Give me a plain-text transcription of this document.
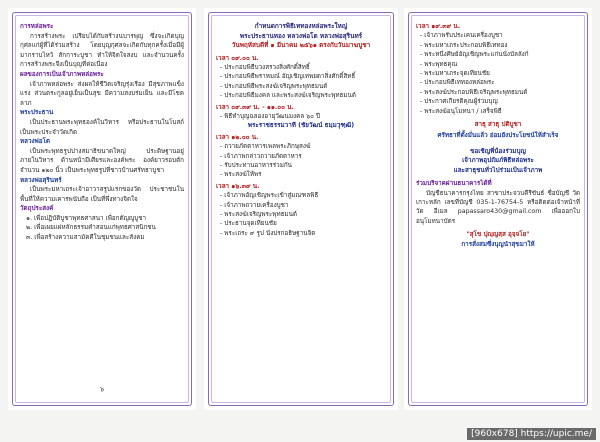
การหล่อพระ

การสร้างพระ เปรียบได้กับสร้างนบารพุญ ซึ่งจะเกิดบุญกุศลแก่ผู้ที่ได้ร่วมสร้าง โดยบุญกุศลจะเกิดกับทุกครั้งเมื่อมีผู้มากราบไหว้ สักการะบูชา ทำให้จิตใจสงบ และจำนวนครั้ง การสร้างพระจึงเป็นบุญที่ต่อเนื่อง

ผลของการเป็นเจ้าภาพหล่อพระ

เจ้าภาพหล่อพระ ส่งผลให้ชีวิตเจริญรุ่งเรือง มีสุขภาพแข็งแรง ส่วนตระกูลอยู่เย็นเป็นสุข มีความสงบร่มเย็น และมีโชคลาภ

พระประธาน

เป็นประธานพระพุทธองค์ในวิหาร หรือประธานในโบสถ์ เป็นพระประจำวัดเกิด

หลวงพ่อโต

เป็นพระพุทธรูปปางสมาธิขนาดใหญ่ ประดิษฐานอยู่ภายในวิหาร ด้านหน้ามีเศียรและองค์พระ องค์ยาวรอบตัก จำนวน ๑๒๐ นิ้ว เป็นพระพุทธรูปที่ชาวบ้านศรัทธาบูชา

หลวงพ่อสุรินทร์

เป็นพระมหาเถระเจ้าอาวาสรูปแรกของวัด ประชาชนในพื้นที่ให้ความเคารพนับถือ เป็นที่พึ่งทางจิตใจ

วัตถุประสงค์
๑. เพื่อปฏิบัติบูชาพุทธศาสนา เพื่อกตัญญูบูชา
๒. เพื่อเผยแผ่หลักธรรมคำสอนแก่พุทธศาสนิกชน
๓. เพื่อสร้างความสามัคคีในชุมชนและสังคม
๖
กำหนดการพิธีเททองหล่อพระใหญ่
พระประธานทอง หลวงพ่อโต หลวงพ่อสุรินทร์
วันพฤหัสบดีที่ ๑ มีนาคม ๒๕๖๑ ตรงกับวันมาฆบูชา
เวลา ๐๙.๐๐ น.
- ประกอบพิธีบวงสรวงสิ่งศักดิ์สิทธิ์
- ประกอบพิธีพราหมณ์ อัญเชิญเทพยดาสิ่งศักดิ์สิทธิ์
- ประกอบพิธีพระสงฆ์เจริญพระพุทธมนต์
- ประกอบพิธีมงคล และพระสงฆ์เจริญพระพุทธมนต์
เวลา ๐๙.๓๙ น. - ๑๑.๐๐ น.
- พิธีทำบุญฉลองอายุวัฒนมงคล ๖๐ ปี
พระราชธรรมวาที (ชัยวัฒน์ ธมฺมวุฑฺฒิ)
เวลา ๑๒.๐๐ น.
- ถวายภัตตาหารเพลพระภิกษุสงฆ์
- เจ้าภาพกล่าวถวายภัตตาหาร
- รับประทานอาหารร่วมกัน
- พระสงฆ์ให้พร
เวลา ๑๖.๓๙ น.
- เจ้าภาพอัญเชิญพระเข้าสู่มณฑลพิธี
- เจ้าภาพถวายเครื่องบูชา
- พระสงฆ์เจริญพระพุทธมนต์
- ประธานจุดเทียนชัย
- พระเถระ ๙ รูป นั่งปรกอธิษฐานจิต
เวลา ๑๙.๓๙ น.
- เจ้าภาพรับประเคนเครื่องบูชา
- พระมหาเถระประกอบพิธีเททอง
- พระหนึ่งศิษย์อัญเชิญพระแก่นนั่งบัลลังก์
- พระพุทธคุณ
- พระมหาเถระจุดเทียนชัย
- ประกอบพิธีเททองหล่อพระ
- พระสงฆ์ประกอบพิธีเจริญพระพุทธมนต์
- ประกาศเกียรติคุณผู้ร่วมบุญ
- พระสงฆ์อนุโมทนา / เสร็จพิธี
สาธุ สาธุ ปติบูชา
ศรัทธาที่ตั้งมั่นแล้ว ย่อมยังประโยชน์ให้สำเร็จ
ขอเชิญพี่น้องร่วมบุญ
เจ้าภาพอุปถัมภ์พิธีหล่อพระ
และสาธุชนทั่วไปร่วมเป็นเจ้าภาพ
ร่วมบริจาคผ่านธนาคารได้ที่
บัญชีธนาคารกรุงไทย สาขาประจวบคีรีขันธ์ ชื่อบัญชี วัดเกาะหลัก เลขที่บัญชี 035-1-76754-5 หรือติดต่อเจ้าหน้าที่วัด อีเมล papassaro430@gmail.com เพื่อออกใบอนุโมทนาบัตร
"สุโข ปุญฺญสฺส อุจฺจโย"
การสั่งสมซึ่งบุญนำสุขมาให้
[960x678] https://upic.me/
